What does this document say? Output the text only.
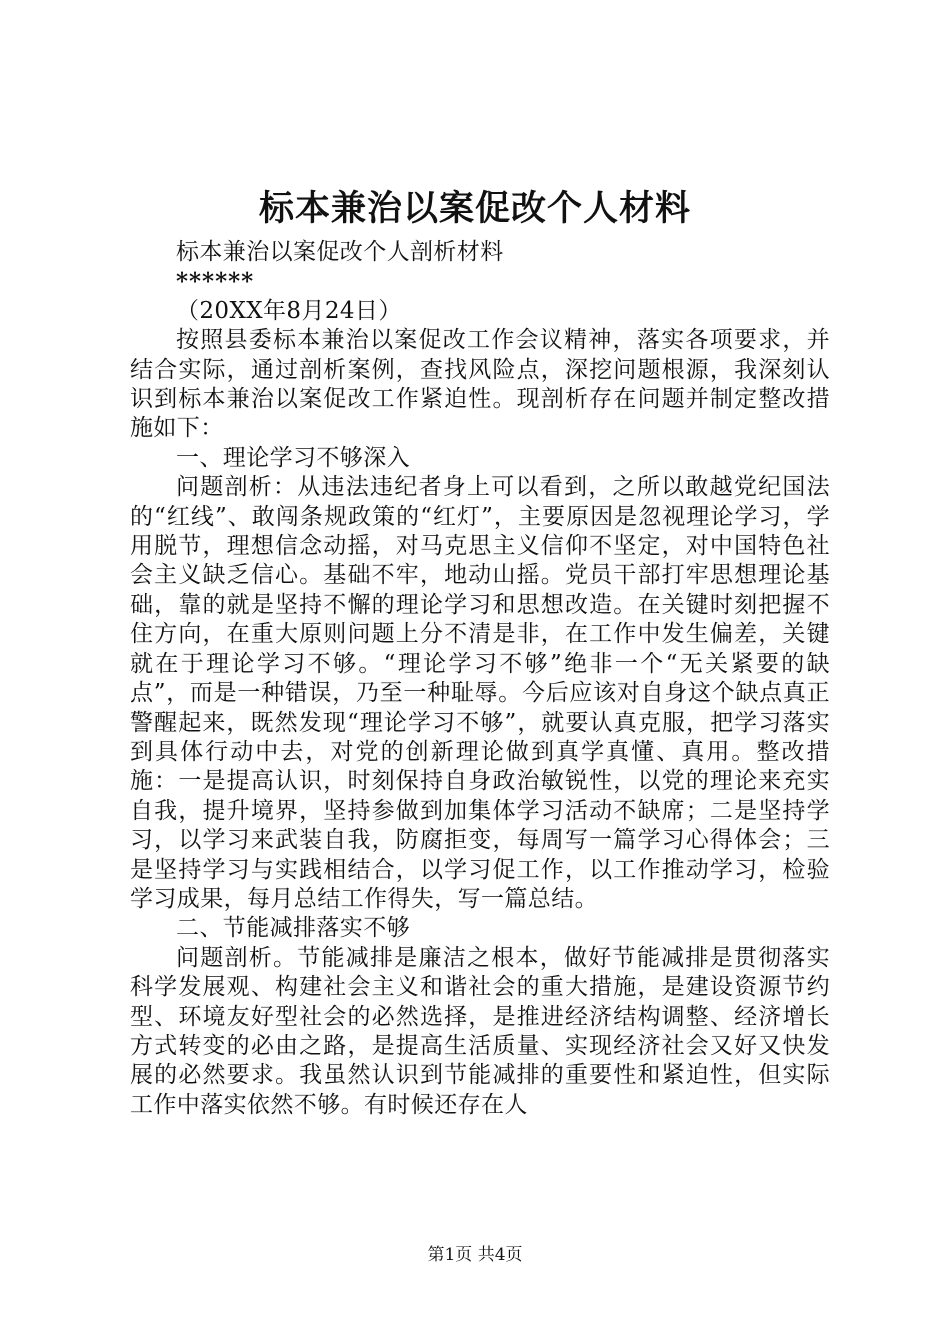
标本兼治以案促改个人材料

标本兼治以案促改个人剖析材料

******

（20XX年8月24日）

按照县委标本兼治以案促改工作会议精神，落实各项要求，并结合实际，通过剖析案例，查找风险点，深挖问题根源，我深刻认识到标本兼治以案促改工作紧迫性。现剖析存在问题并制定整改措施如下：

一、理论学习不够深入

问题剖析：从违法违纪者身上可以看到，之所以敢越党纪国法的“红线”、敢闯条规政策的“红灯”，主要原因是忽视理论学习，学用脱节，理想信念动摇，对马克思主义信仰不坚定，对中国特色社会主义缺乏信心。基础不牢，地动山摇。党员干部打牢思想理论基础，靠的就是坚持不懈的理论学习和思想改造。在关键时刻把握不住方向，在重大原则问题上分不清是非，在工作中发生偏差，关键就在于理论学习不够。“理论学习不够”绝非一个“无关紧要的缺点”，而是一种错误，乃至一种耻辱。今后应该对自身这个缺点真正警醒起来，既然发现“理论学习不够”，就要认真克服，把学习落实到具体行动中去，对党的创新理论做到真学真懂、真用。整改措施：一是提高认识，时刻保持自身政治敏锐性，以党的理论来充实自我，提升境界，坚持参做到加集体学习活动不缺席；二是坚持学习，以学习来武装自我，防腐拒变，每周写一篇学习心得体会；三是坚持学习与实践相结合，以学习促工作，以工作推动学习，检验学习成果，每月总结工作得失，写一篇总结。

二、节能减排落实不够

问题剖析。节能减排是廉洁之根本，做好节能减排是贯彻落实科学发展观、构建社会主义和谐社会的重大措施，是建设资源节约型、环境友好型社会的必然选择，是推进经济结构调整、经济增长方式转变的必由之路，是提高生活质量、实现经济社会又好又快发展的必然要求。我虽然认识到节能减排的重要性和紧迫性，但实际工作中落实依然不够。有时候还存在人

第1页 共4页
